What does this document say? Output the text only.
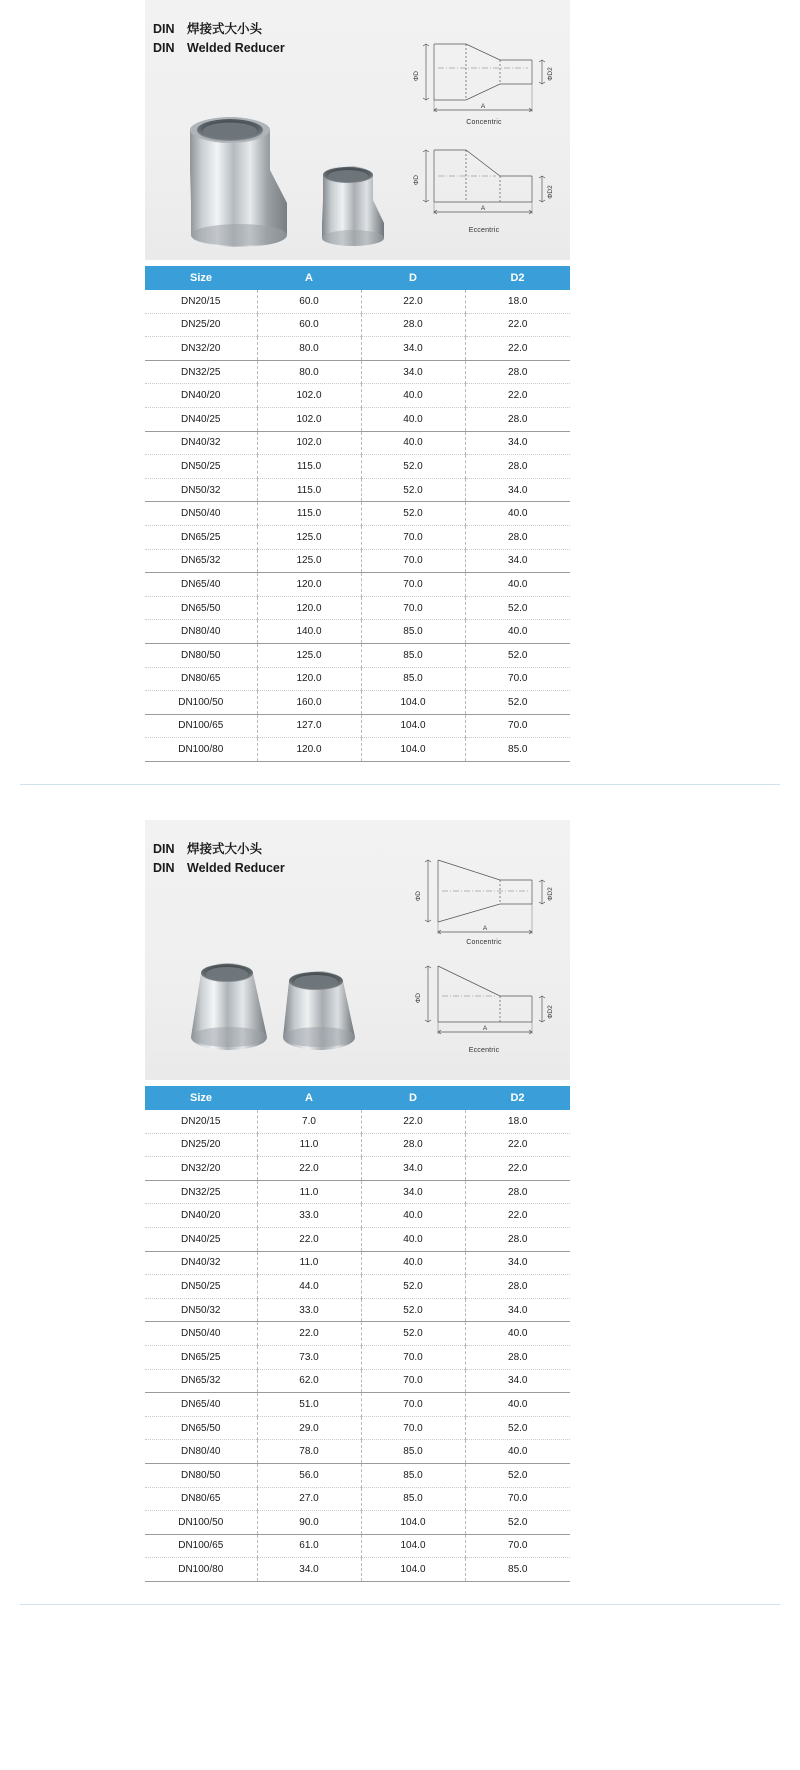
DIN 焊接式大小头
DIN Welded Reducer
ΦD	ΦD2
A
Concentric
ΦD
ΦD2
A
Eccentric
Size	A	D	D2
DN20/15	60.0	22.0	18.0
DN25/20	60.0	28.0	22.0
DN32/20	80.0	34.0	22.0
DN32/25	80.0	34.0	28.0
DN40/20	102.0	40.0	22.0
DN40/25	102.0	40.0	28.0
DN40/32	102.0	40.0	34.0
DN50/25	115.0	52.0	28.0
DN50/32	115.0	52.0	34.0
DN50/40	115.0	52.0	40.0
DN65/25	125.0	70.0	28.0
DN65/32	125.0	70.0	34.0
DN65/40	120.0	70.0	40.0
DN65/50	120.0	70.0	52.0
DN80/40	140.0	85.0	40.0
DN80/50	125.0	85.0	52.0
DN80/65	120.0	85.0	70.0
DN100/50	160.0	104.0	52.0
DN100/65	127.0	104.0	70.0
DN100/80	120.0	104.0	85.0
DIN 焊接式大小头
DIN Welded Reducer
ΦD	ΦD2
A
Concentric
ΦD
ΦD2
A
Eccentric
Size	A	D	D2
DN20/15	7.0	22.0	18.0
DN25/20	11.0	28.0	22.0
DN32/20	22.0	34.0	22.0
DN32/25	11.0	34.0	28.0
DN40/20	33.0	40.0	22.0
DN40/25	22.0	40.0	28.0
DN40/32	11.0	40.0	34.0
DN50/25	44.0	52.0	28.0
DN50/32	33.0	52.0	34.0
DN50/40	22.0	52.0	40.0
DN65/25	73.0	70.0	28.0
DN65/32	62.0	70.0	34.0
DN65/40	51.0	70.0	40.0
DN65/50	29.0	70.0	52.0
DN80/40	78.0	85.0	40.0
DN80/50	56.0	85.0	52.0
DN80/65	27.0	85.0	70.0
DN100/50	90.0	104.0	52.0
DN100/65	61.0	104.0	70.0
DN100/80	34.0	104.0	85.0
